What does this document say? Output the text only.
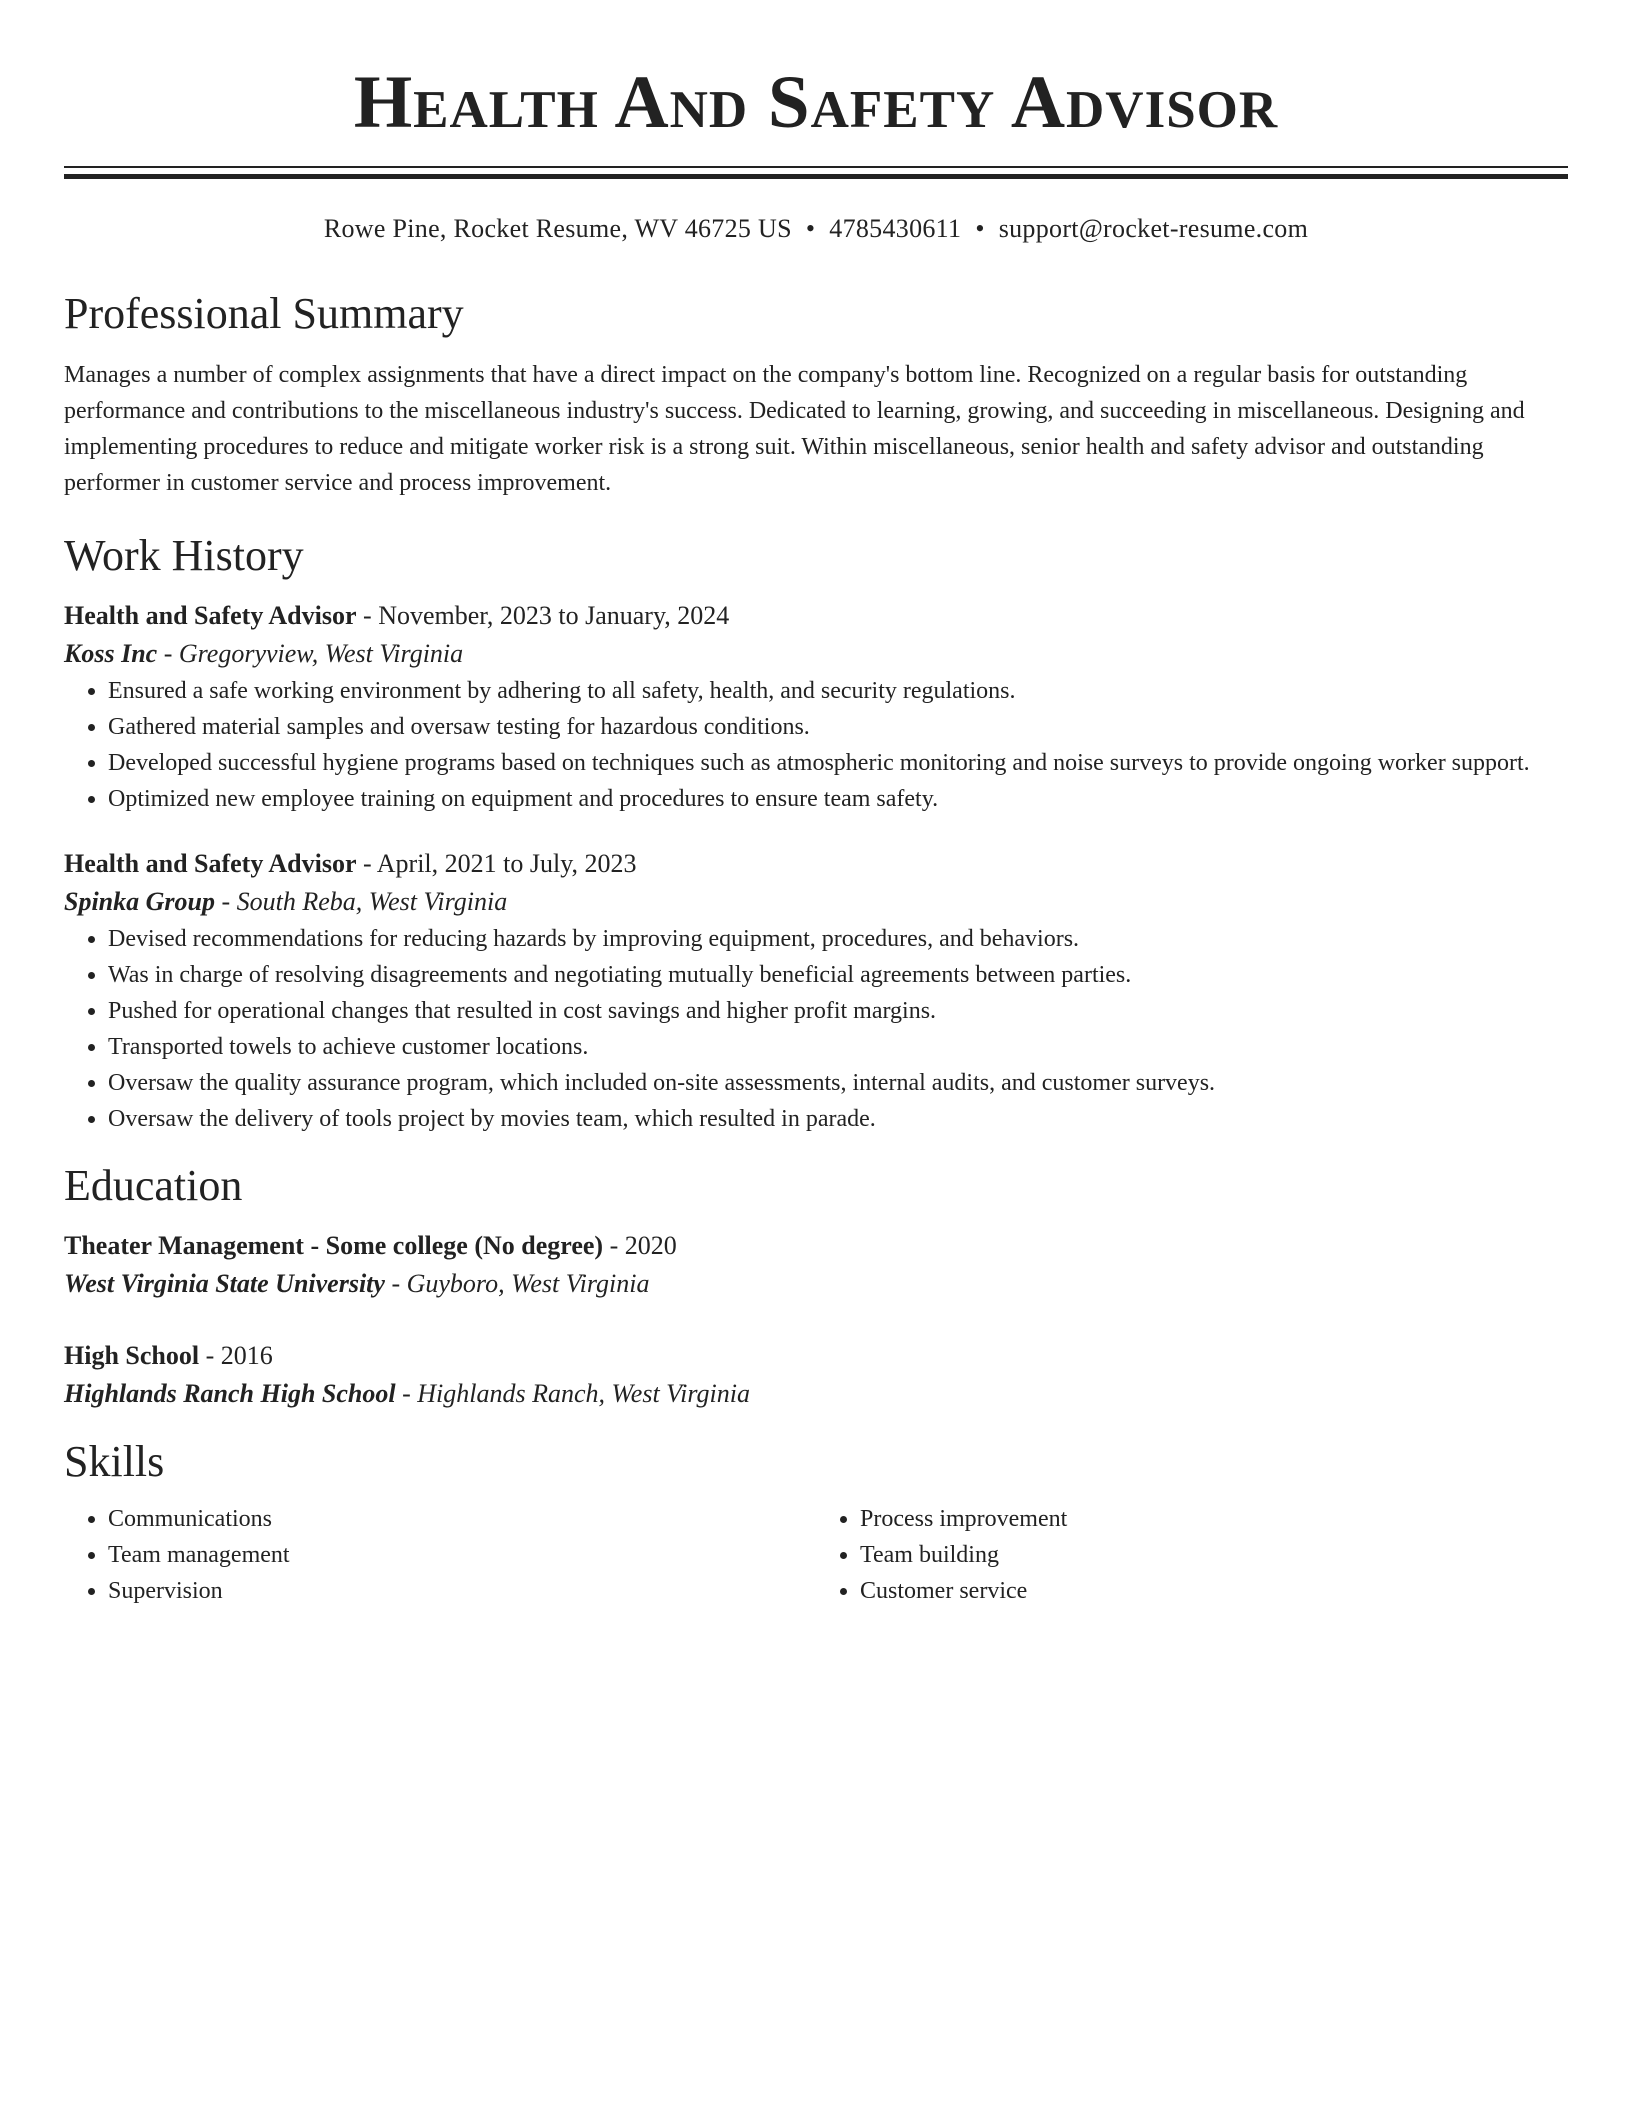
Health And Safety Advisor
Rowe Pine, Rocket Resume, WV 46725 US • 4785430611 • support@rocket-resume.com
Professional Summary
Manages a number of complex assignments that have a direct impact on the company's bottom line. Recognized on a regular basis for outstanding performance and contributions to the miscellaneous industry's success. Dedicated to learning, growing, and succeeding in miscellaneous. Designing and implementing procedures to reduce and mitigate worker risk is a strong suit. Within miscellaneous, senior health and safety advisor and outstanding performer in customer service and process improvement.
Work History
Health and Safety Advisor - November, 2023 to January, 2024
Koss Inc - Gregoryview, West Virginia
• Ensured a safe working environment by adhering to all safety, health, and security regulations.
• Gathered material samples and oversaw testing for hazardous conditions.
• Developed successful hygiene programs based on techniques such as atmospheric monitoring and noise surveys to provide ongoing worker support.
• Optimized new employee training on equipment and procedures to ensure team safety.
Health and Safety Advisor - April, 2021 to July, 2023
Spinka Group - South Reba, West Virginia
• Devised recommendations for reducing hazards by improving equipment, procedures, and behaviors.
• Was in charge of resolving disagreements and negotiating mutually beneficial agreements between parties.
• Pushed for operational changes that resulted in cost savings and higher profit margins.
• Transported towels to achieve customer locations.
• Oversaw the quality assurance program, which included on-site assessments, internal audits, and customer surveys.
• Oversaw the delivery of tools project by movies team, which resulted in parade.
Education
Theater Management - Some college (No degree) - 2020
West Virginia State University - Guyboro, West Virginia
High School - 2016
Highlands Ranch High School - Highlands Ranch, West Virginia
Skills
• Communications
• Team management
• Supervision
• Process improvement
• Team building
• Customer service
